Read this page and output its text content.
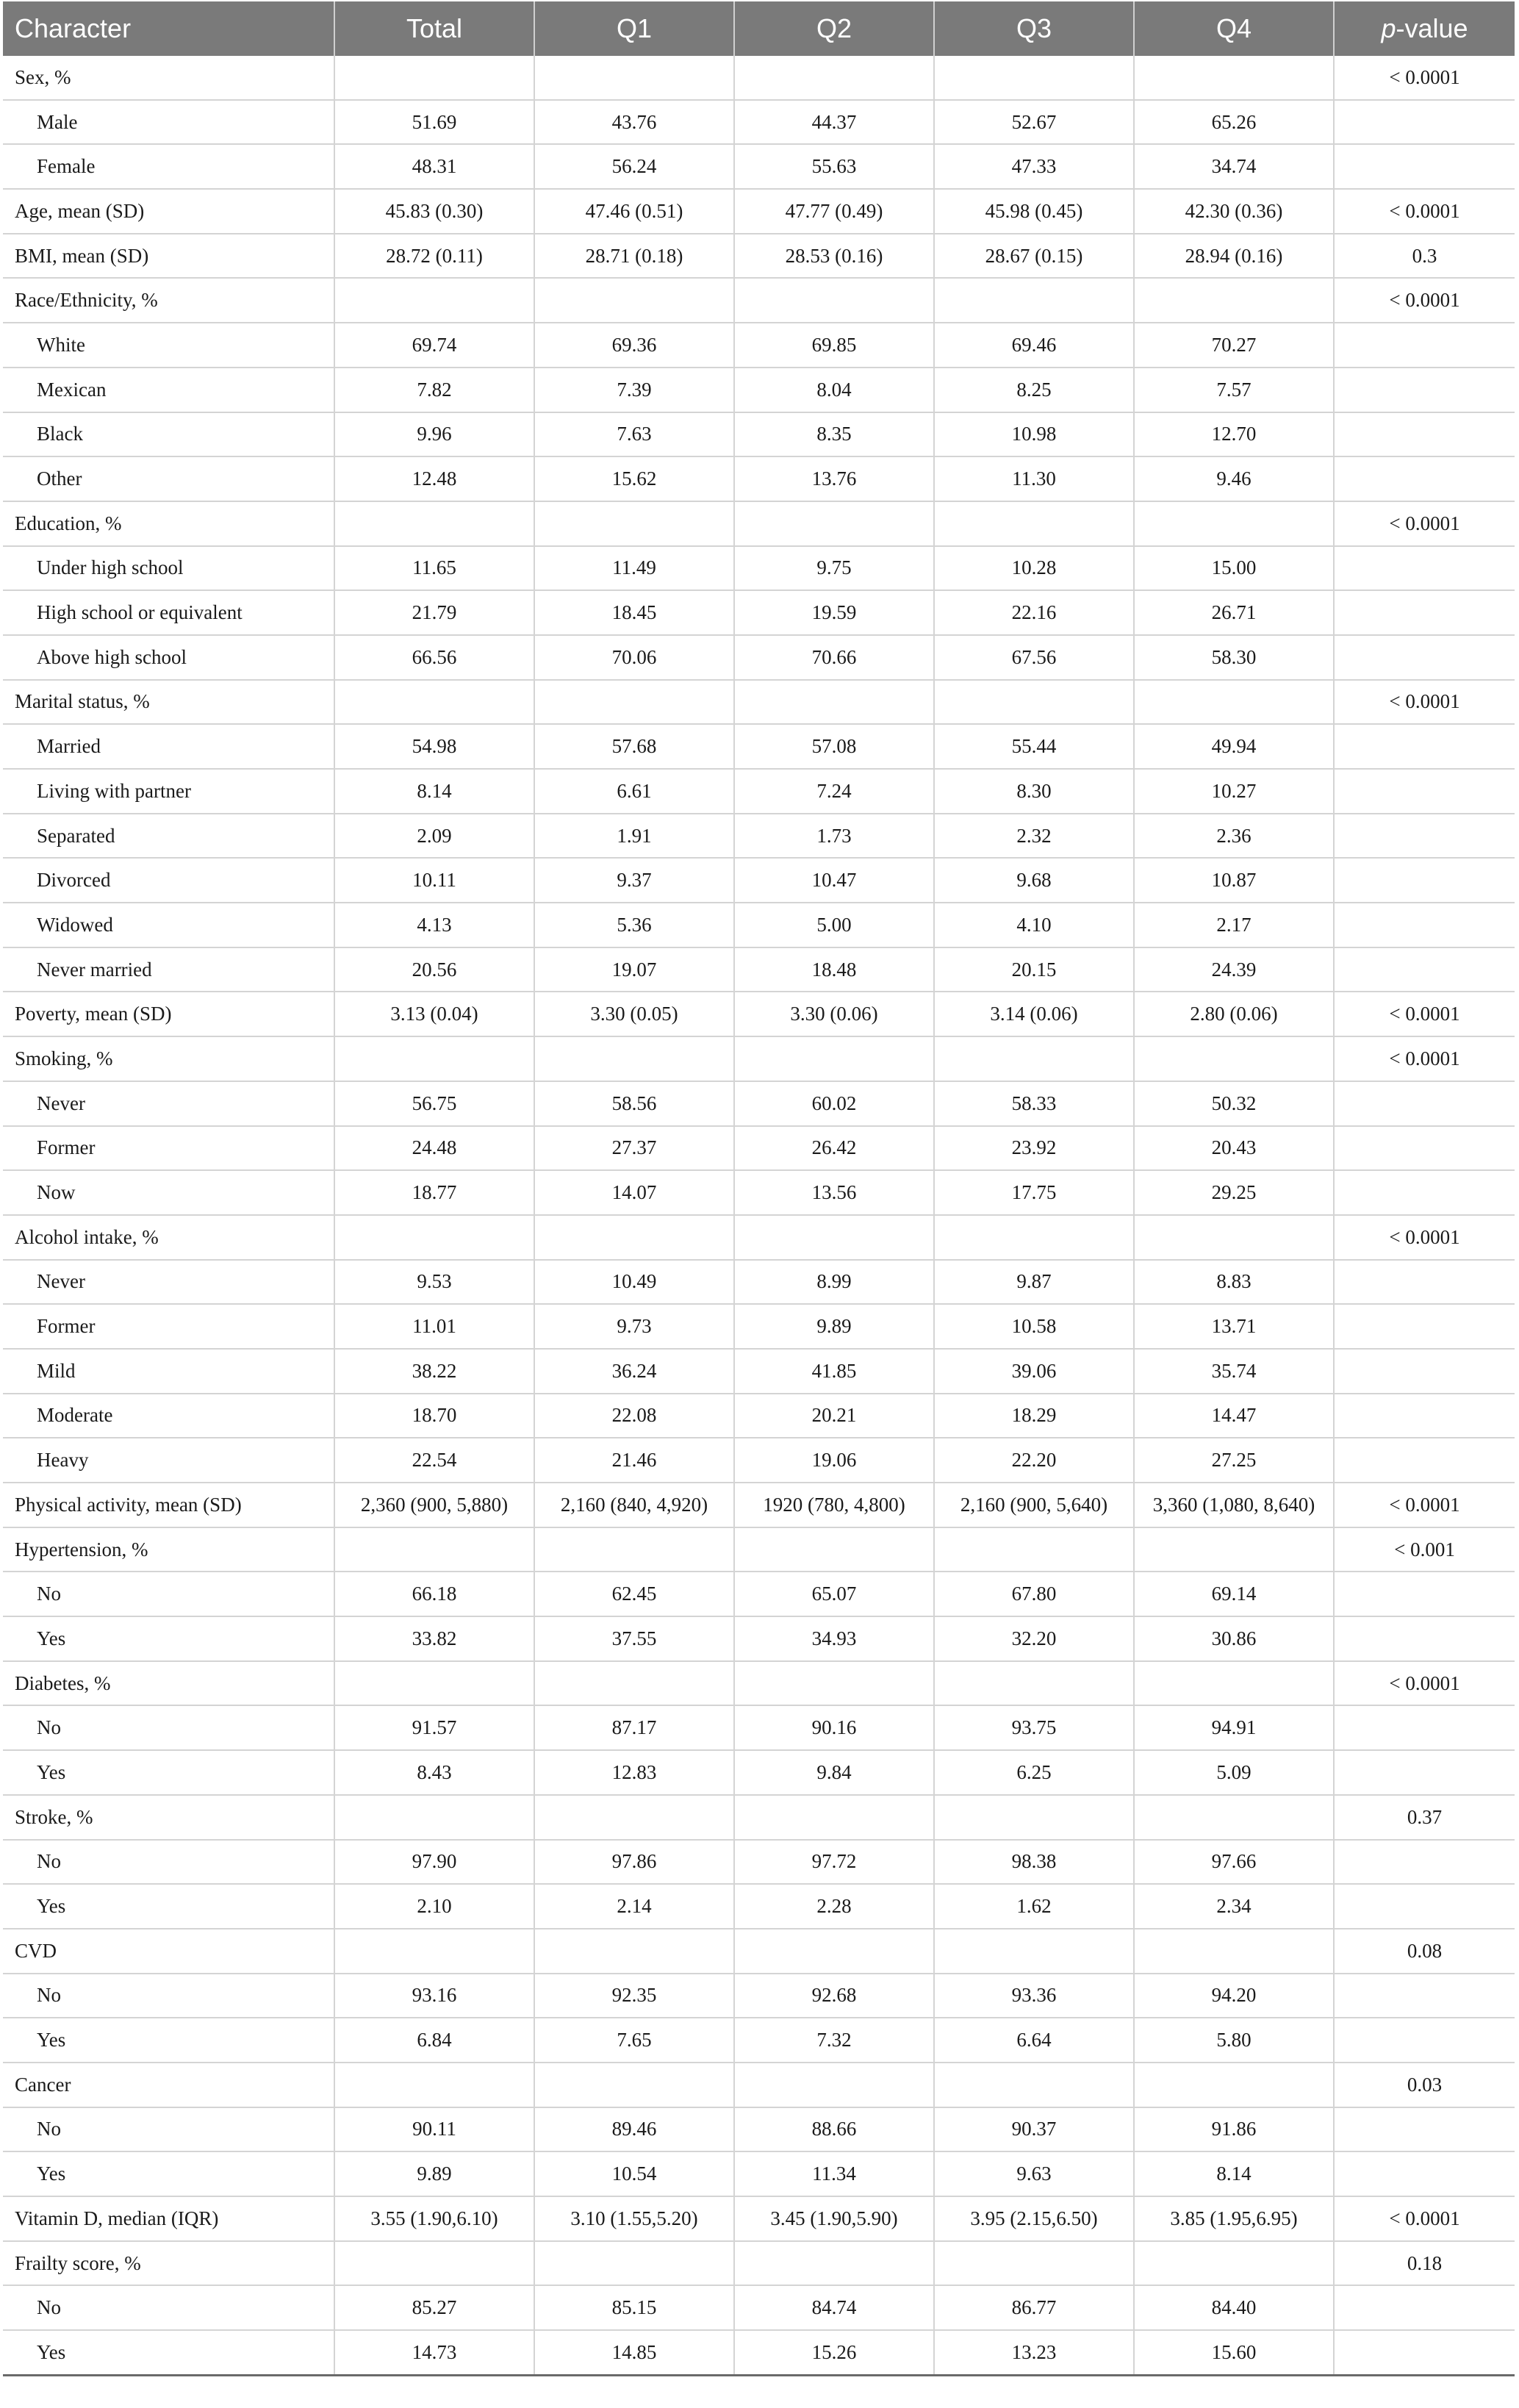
Character	Total	Q1	Q2	Q3	Q4	p-value
Sex, %						< 0.0001
Male	51.69	43.76	44.37	52.67	65.26	
Female	48.31	56.24	55.63	47.33	34.74	
Age, mean (SD)	45.83 (0.30)	47.46 (0.51)	47.77 (0.49)	45.98 (0.45)	42.30 (0.36)	< 0.0001
BMI, mean (SD)	28.72 (0.11)	28.71 (0.18)	28.53 (0.16)	28.67 (0.15)	28.94 (0.16)	0.3
Race/Ethnicity, %						< 0.0001
White	69.74	69.36	69.85	69.46	70.27	
Mexican	7.82	7.39	8.04	8.25	7.57	
Black	9.96	7.63	8.35	10.98	12.70	
Other	12.48	15.62	13.76	11.30	9.46	
Education, %						< 0.0001
Under high school	11.65	11.49	9.75	10.28	15.00	
High school or equivalent	21.79	18.45	19.59	22.16	26.71	
Above high school	66.56	70.06	70.66	67.56	58.30	
Marital status, %						< 0.0001
Married	54.98	57.68	57.08	55.44	49.94	
Living with partner	8.14	6.61	7.24	8.30	10.27	
Separated	2.09	1.91	1.73	2.32	2.36	
Divorced	10.11	9.37	10.47	9.68	10.87	
Widowed	4.13	5.36	5.00	4.10	2.17	
Never married	20.56	19.07	18.48	20.15	24.39	
Poverty, mean (SD)	3.13 (0.04)	3.30 (0.05)	3.30 (0.06)	3.14 (0.06)	2.80 (0.06)	< 0.0001
Smoking, %						< 0.0001
Never	56.75	58.56	60.02	58.33	50.32	
Former	24.48	27.37	26.42	23.92	20.43	
Now	18.77	14.07	13.56	17.75	29.25	
Alcohol intake, %						< 0.0001
Never	9.53	10.49	8.99	9.87	8.83	
Former	11.01	9.73	9.89	10.58	13.71	
Mild	38.22	36.24	41.85	39.06	35.74	
Moderate	18.70	22.08	20.21	18.29	14.47	
Heavy	22.54	21.46	19.06	22.20	27.25	
Physical activity, mean (SD)	2,360 (900, 5,880)	2,160 (840, 4,920)	1920 (780, 4,800)	2,160 (900, 5,640)	3,360 (1,080, 8,640)	< 0.0001
Hypertension, %						< 0.001
No	66.18	62.45	65.07	67.80	69.14	
Yes	33.82	37.55	34.93	32.20	30.86	
Diabetes, %						< 0.0001
No	91.57	87.17	90.16	93.75	94.91	
Yes	8.43	12.83	9.84	6.25	5.09	
Stroke, %						0.37
No	97.90	97.86	97.72	98.38	97.66	
Yes	2.10	2.14	2.28	1.62	2.34	
CVD						0.08
No	93.16	92.35	92.68	93.36	94.20	
Yes	6.84	7.65	7.32	6.64	5.80	
Cancer						0.03
No	90.11	89.46	88.66	90.37	91.86	
Yes	9.89	10.54	11.34	9.63	8.14	
Vitamin D, median (IQR)	3.55 (1.90,6.10)	3.10 (1.55,5.20)	3.45 (1.90,5.90)	3.95 (2.15,6.50)	3.85 (1.95,6.95)	< 0.0001
Frailty score, %						0.18
No	85.27	85.15	84.74	86.77	84.40	
Yes	14.73	14.85	15.26	13.23	15.60	
